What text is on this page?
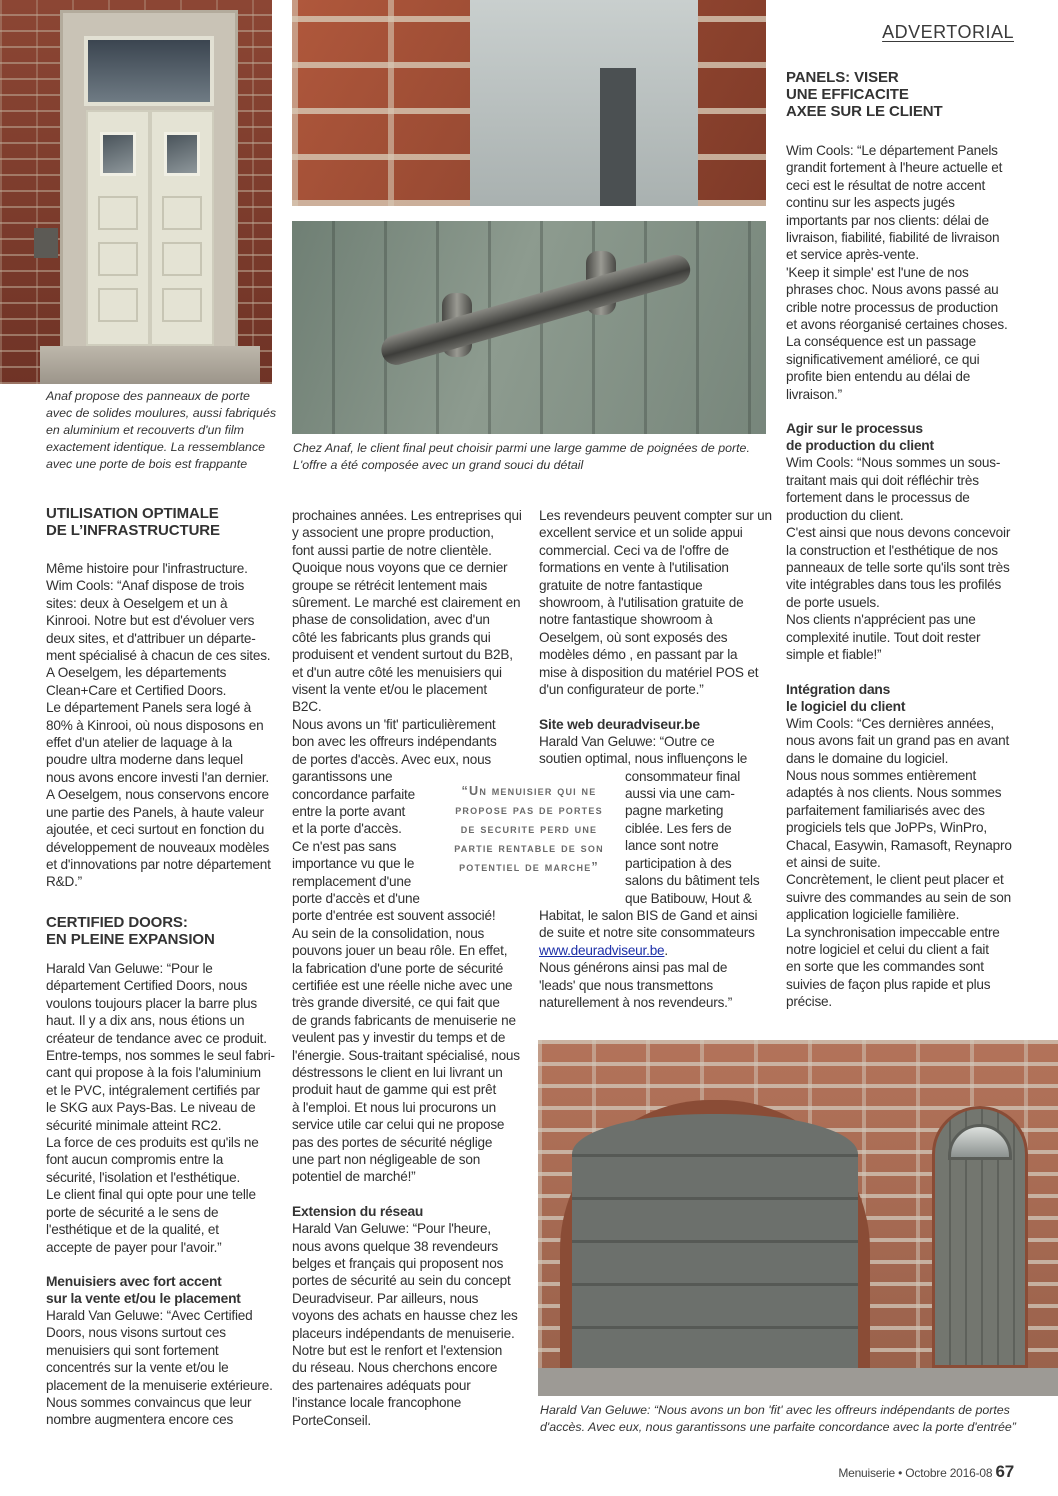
ADVERTORIAL
Anaf propose des panneaux de porte
avec de solides moulures, aussi fabriqués
en aluminium et recouverts d'un film
exactement identique. La ressemblance
avec une porte de bois est frappante
Chez Anaf, le client final peut choisir parmi une large gamme de poignées de porte.
L'offre a été composée avec un grand souci du détail
Harald Van Geluwe: “Nous avons un bon 'fit' avec les offreurs indépendants de portes
d'accès. Avec eux, nous garantissons une parfaite concordance avec la porte d'entrée”
UTILISATION OPTIMALE
DE L’INFRASTRUCTURE
Même histoire pour l'infrastructure.
Wim Cools: “Anaf dispose de trois
sites: deux à Oeselgem et un à
Kinrooi. Notre but est d'évoluer vers
deux sites, et d'attribuer un départe-
ment spécialisé à chacun de ces sites.
A Oeselgem, les départements
Clean+Care et Certified Doors.
Le département Panels sera logé à
80% à Kinrooi, où nous disposons en
effet d'un atelier de laquage à la
poudre ultra moderne dans lequel
nous avons encore investi l'an dernier.
A Oeselgem, nous conservons encore
une partie des Panels, à haute valeur
ajoutée, et ceci surtout en fonction du
développement de nouveaux modèles
et d'innovations par notre département
R&D.”
CERTIFIED DOORS:
EN PLEINE EXPANSION
Harald Van Geluwe: “Pour le
département Certified Doors, nous
voulons toujours placer la barre plus
haut. Il y a dix ans, nous étions un
créateur de tendance avec ce produit.
Entre-temps, nos sommes le seul fabri-
cant qui propose à la fois l'aluminium
et le PVC, intégralement certifiés par
le SKG aux Pays-Bas. Le niveau de
sécurité minimale atteint RC2.
La force de ces produits est qu'ils ne
font aucun compromis entre la
sécurité, l'isolation et l'esthétique.
Le client final qui opte pour une telle
porte de sécurité a le sens de
l'esthétique et de la qualité, et
accepte de payer pour l'avoir.”
Menuisiers avec fort accent
sur la vente et/ou le placement
Harald Van Geluwe: “Avec Certified
Doors, nous visons surtout ces
menuisiers qui sont fortement
concentrés sur la vente et/ou le
placement de la menuiserie extérieure.
Nous sommes convaincus que leur
nombre augmentera encore ces
prochaines années. Les entreprises qui
y associent une propre production,
font aussi partie de notre clientèle.
Quoique nous voyons que ce dernier
groupe se rétrécit lentement mais
sûrement. Le marché est clairement en
phase de consolidation, avec d'un
côté les fabricants plus grands qui
produisent et vendent surtout du B2B,
et d'un autre côté les menuisiers qui
visent la vente et/ou le placement
B2C.
Nous avons un 'fit' particulièrement
bon avec les offreurs indépendants
de portes d'accès. Avec eux, nous
garantissons une
concordance parfaite
entre la porte avant
et la porte d'accès.
Ce n'est pas sans
importance vu que le
remplacement d'une
porte d'accès et d'une
porte d'entrée est souvent associé!
Au sein de la consolidation, nous
pouvons jouer un beau rôle. En effet,
la fabrication d'une porte de sécurité
certifiée est une réelle niche avec une
très grande diversité, ce qui fait que
de grands fabricants de menuiserie ne
veulent pas y investir du temps et de
l'énergie. Sous-traitant spécialisé, nous
déstressons le client en lui livrant un
produit haut de gamme qui est prêt
à l'emploi. Et nous lui procurons un
service utile car celui qui ne propose
pas des portes de sécurité néglige
une part non négligeable de son
potentiel de marché!”
Extension du réseau
Harald Van Geluwe: “Pour l'heure,
nous avons quelque 38 revendeurs
belges et français qui proposent nos
portes de sécurité au sein du concept
Deuradviseur. Par ailleurs, nous
voyons des achats en hausse chez les
placeurs indépendants de menuiserie.
Notre but est le renfort et l'extension
du réseau. Nous cherchons encore
des partenaires adéquats pour
l'instance locale francophone
PorteConseil.
“Un menuisier qui ne
propose pas de portes
de securite perd une
partie rentable de son
potentiel de marche”
Les revendeurs peuvent compter sur un
excellent service et un solide appui
commercial. Ceci va de l'offre de
formations en vente à l'utilisation
gratuite de notre fantastique
showroom, à l'utilisation gratuite de
notre fantastique showroom à
Oeselgem, où sont exposés des
modèles démo , en passant par la
mise à disposition du matériel POS et
d'un configurateur de porte.”
Site web deuradviseur.be
Harald Van Geluwe: “Outre ce
soutien optimal, nous influençons le
consommateur final
aussi via une cam-
pagne marketing
ciblée. Les fers de
lance sont notre
participation à des
salons du bâtiment tels
que Batibouw, Hout &
Habitat, le salon BIS de Gand et ainsi
de suite et notre site consommateurs
www.deuradviseur.be.
Nous générons ainsi pas mal de
'leads' que nous transmettons
naturellement à nos revendeurs.”
PANELS: VISER
UNE EFFICACITE
AXEE SUR LE CLIENT
Wim Cools: “Le département Panels
grandit fortement à l'heure actuelle et
ceci est le résultat de notre accent
continu sur les aspects jugés
importants par nos clients: délai de
livraison, fiabilité, fiabilité de livraison
et service après-vente.
'Keep it simple' est l'une de nos
phrases choc. Nous avons passé au
crible notre processus de production
et avons réorganisé certaines choses.
La conséquence est un passage
significativement amélioré, ce qui
profite bien entendu au délai de
livraison.”
Agir sur le processus
de production du client
Wim Cools: “Nous sommes un sous-
traitant mais qui doit réfléchir très
fortement dans le processus de
production du client.
C'est ainsi que nous devons concevoir
la construction et l'esthétique de nos
panneaux de telle sorte qu'ils sont très
vite intégrables dans tous les profilés
de porte usuels.
Nos clients n'apprécient pas une
complexité inutile. Tout doit rester
simple et fiable!”
Intégration dans
le logiciel du client
Wim Cools: “Ces dernières années,
nous avons fait un grand pas en avant
dans le domaine du logiciel.
Nous nous sommes entièrement
adaptés à nos clients. Nous sommes
parfaitement familiarisés avec des
progiciels tels que JoPPs, WinPro,
Chacal, Easywin, Ramasoft, Reynapro
et ainsi de suite.
Concrètement, le client peut placer et
suivre des commandes au sein de son
application logicielle familière.
La synchronisation impeccable entre
notre logiciel et celui du client a fait
en sorte que les commandes sont
suivies de façon plus rapide et plus
précise.
Menuiserie • Octobre 2016-08 67
